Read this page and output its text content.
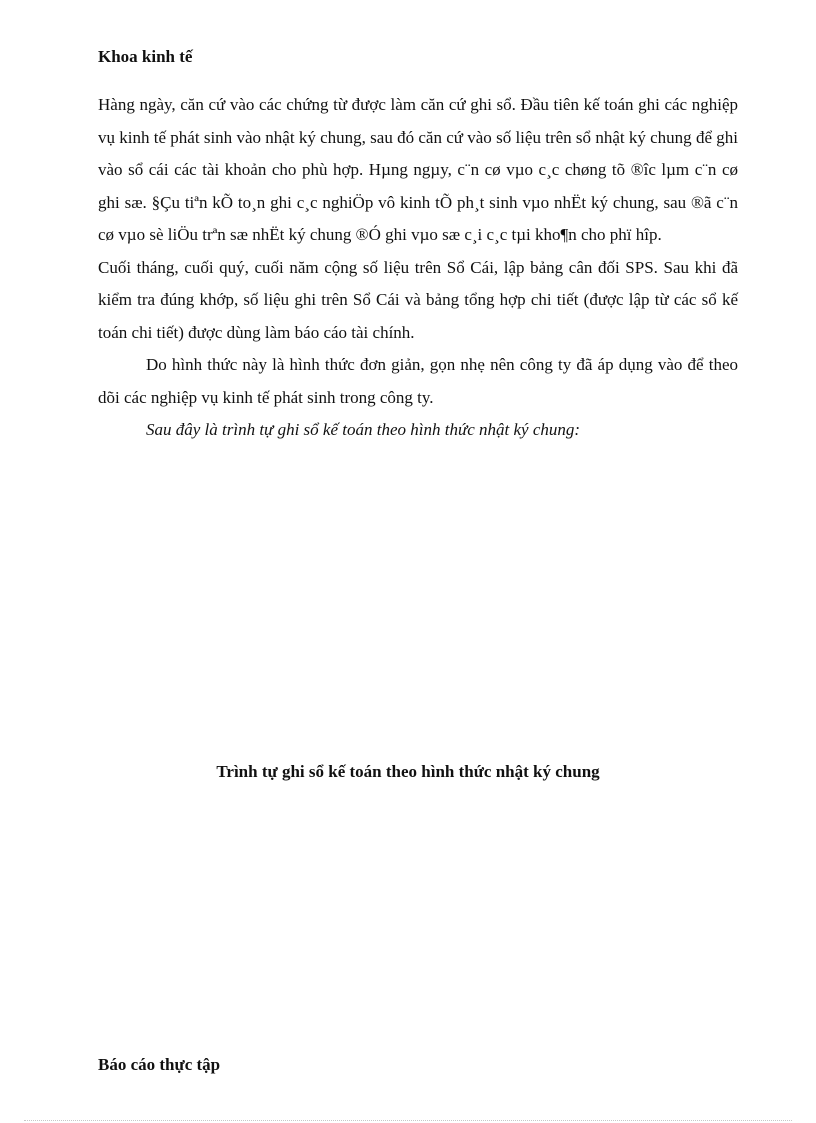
Khoa kinh tế

Hàng ngày, căn cứ vào các chứng từ được làm căn cứ ghi sổ. Đầu tiên kế toán ghi các nghiệp vụ kinh tế phát sinh vào nhật ký chung, sau đó căn cứ vào số liệu trên sổ nhật ký chung để ghi vào sổ cái các tài khoản cho phù hợp. Hµng ngµy, c¨n cø vµo c¸c chøng tõ ®îc lµm c¨n cø ghi sæ. §Çu tiªn kÕ to¸n ghi c¸c nghiÖp vô kinh tÕ ph¸t sinh vµo nhËt ký chung, sau ®ã c¨n cø vµo sè liÖu trªn sæ nhËt ký chung ®Ó ghi vµo sæ c¸i c¸c tµi kho¶n cho phï hîp.

Cuối tháng, cuối quý, cuối năm cộng số liệu trên Sổ Cái, lập bảng cân đối SPS. Sau khi đã kiểm tra đúng khớp, số liệu ghi trên Sổ Cái và bảng tổng hợp chi tiết (được lập từ các sổ kế toán chi tiết) được dùng làm báo cáo tài chính.

Do hình thức này là hình thức đơn giản, gọn nhẹ nên công ty đã áp dụng vào để theo dõi các nghiệp vụ kinh tế phát sinh trong công ty.

Sau đây là trình tự ghi sổ kế toán theo hình thức nhật ký chung:

Trình tự ghi sổ kế toán theo hình thức nhật ký chung
Báo cáo thực tập
